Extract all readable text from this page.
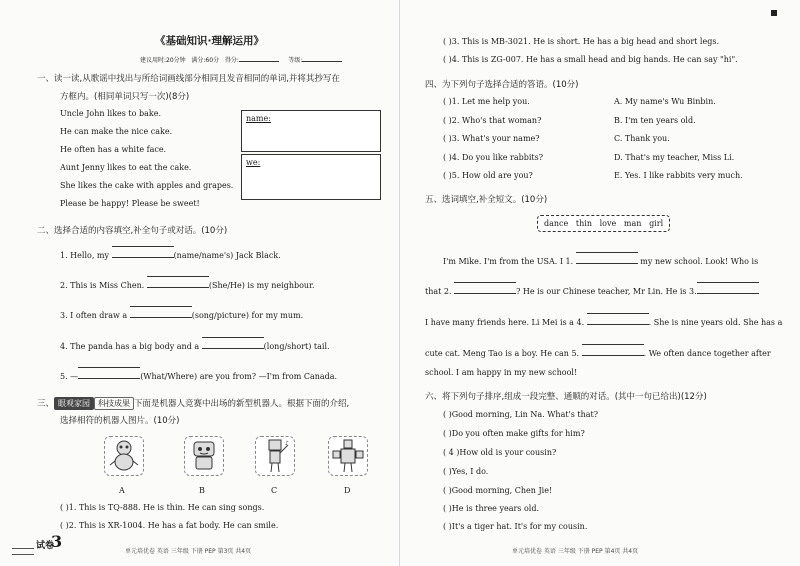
《基础知识·理解运用》
建议用时:20分钟 满分:60分 得分:	等级:
一、读一读,从歌谣中找出与所给词画线部分相同且发音相同的单词,并将其抄写在
方框内。(相同单词只写一次)(8分)
Uncle John likes to bake.
He can make the nice cake.
He often has a white face.
Aunt Jenny likes to eat the cake.
She likes the cake with apples and grapes.
Please be happy! Please be sweet!
name:
we:
二、选择合适的内容填空,补全句子或对话。(10分)
1. Hello, my	(name/name's) Jack Black.
2. This is Miss Chen.	(She/He) is my neighbour.
3. I often draw a	(song/picture) for my mum.
4. The panda has a big body and a	(long/short) tail.
5. —	(What/Where) are you from? —I'm from Canada.
三、 眼观家园 科技成果 下面是机器人竞赛中出场的新型机器人。根据下面的介绍,
选择相符的机器人图片。(10分)
♪
A	B	C	D
( )1. This is TQ-888. He is thin. He can sing songs.
( )2. This is XR-1004. He has a fat body. He can smile.
试卷
3
单元培优卷 英语 三年级 下册 PEP 第3页 共4页
( )3. This is MB-3021. He is short. He has a big head and short legs.
( )4. This is ZG-007. He has a small head and big hands. He can say "hi".
四、为下列句子选择合适的答语。(10分)
( )1. Let me help you.
( )2. Who's that woman?
( )3. What's your name?
( )4. Do you like rabbits?
( )5. How old are you?
A. My name's Wu Binbin.
B. I'm ten years old.
C. Thank you.
D. That's my teacher, Miss Li.
E. Yes. I like rabbits very much.
五、选词填空,补全短文。(10分)
dance thin love man girl
I'm Mike. I'm from the USA. I 1.	my new school. Look! Who is
that 2.	? He is our Chinese teacher, Mr Lin. He is 3.
I have many friends here. Li Mei is a 4.	. She is nine years old. She has a
cute cat. Meng Tao is a boy. He can 5.	. We often dance together after
school. I am happy in my new school!
六、将下列句子排序,组成一段完整、通顺的对话。(其中一句已给出)(12分)
( )Good morning, Lin Na. What's that?
( )Do you often make gifts for him?
( 4 )How old is your cousin?
( )Yes, I do.
( )Good morning, Chen Jie!
( )He is three years old.
( )It's a tiger hat. It's for my cousin.
单元培优卷 英语 三年级 下册 PEP 第4页 共4页
